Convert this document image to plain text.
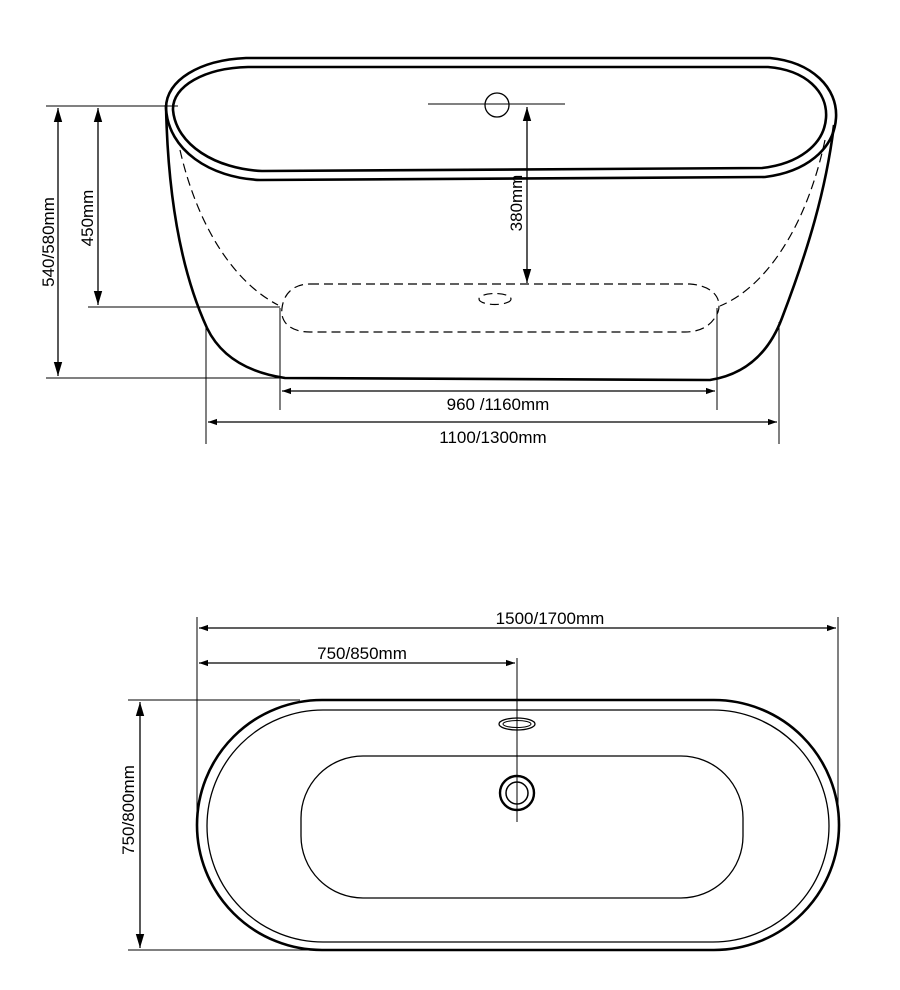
540/580mm 450mm	380mm
960 /1160mm
1100/1300mm
1500/1700mm
750/850mm
750/800mm
